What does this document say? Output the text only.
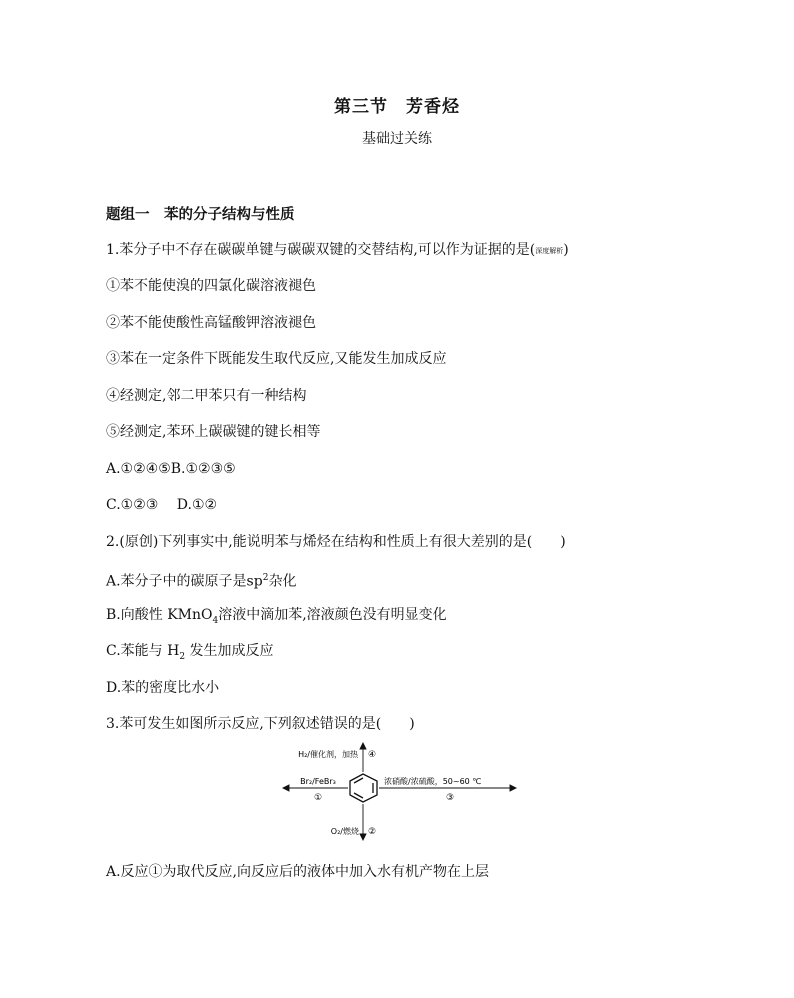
第三节　芳香烃
基础过关练
题组一　苯的分子结构与性质
1.苯分子中不存在碳碳单键与碳碳双键的交替结构,可以作为证据的是(深度解析)
①苯不能使溴的四氯化碳溶液褪色
②苯不能使酸性高锰酸钾溶液褪色
③苯在一定条件下既能发生取代反应,又能发生加成反应
④经测定,邻二甲苯只有一种结构
⑤经测定,苯环上碳碳键的键长相等
A.①②④⑤B.①②③⑤
C.①②③　 D.①②
2.(原创)下列事实中,能说明苯与烯烃在结构和性质上有很大差别的是(　　)
A.苯分子中的碳原子是$sp^2$杂化
B.向酸性 KMnO$_4$溶液中滴加苯,溶液颜色没有明显变化
C.苯能与 $H_2$ 发生加成反应
D.苯的密度比水小
3.苯可发生如图所示反应,下列叙述错误的是(　　)
H₂/催化剂，加热 ④
Br₂/FeBr₃
①
浓硝酸/浓硫酸，50~60 ℃
③
O₂/燃烧 ②
A.反应①为取代反应,向反应后的液体中加入水有机产物在上层
